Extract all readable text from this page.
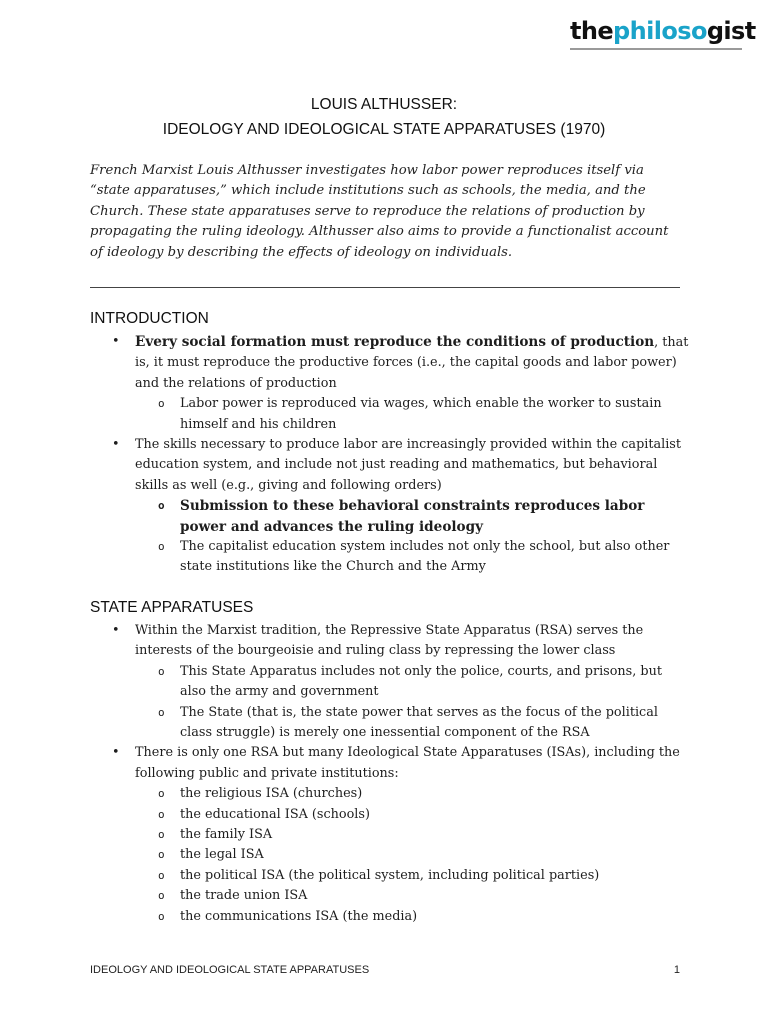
thephilosogist
LOUIS ALTHUSSER:
IDEOLOGY AND IDEOLOGICAL STATE APPARATUSES (1970)
French Marxist Louis Althusser investigates how labor power reproduces itself via “state apparatuses,” which include institutions such as schools, the media, and the Church. These state apparatuses serve to reproduce the relations of production by propagating the ruling ideology. Althusser also aims to provide a functionalist account of ideology by describing the effects of ideology on individuals.
INTRODUCTION
• Every social formation must reproduce the conditions of production, that is, it must reproduce the productive forces (i.e., the capital goods and labor power) and the relations of production
o Labor power is reproduced via wages, which enable the worker to sustain himself and his children
• The skills necessary to produce labor are increasingly provided within the capitalist education system, and include not just reading and mathematics, but behavioral skills as well (e.g., giving and following orders)
o Submission to these behavioral constraints reproduces labor power and advances the ruling ideology
o The capitalist education system includes not only the school, but also other state institutions like the Church and the Army
STATE APPARATUSES
• Within the Marxist tradition, the Repressive State Apparatus (RSA) serves the interests of the bourgeoisie and ruling class by repressing the lower class
o This State Apparatus includes not only the police, courts, and prisons, but also the army and government
o The State (that is, the state power that serves as the focus of the political class struggle) is merely one inessential component of the RSA
• There is only one RSA but many Ideological State Apparatuses (ISAs), including the following public and private institutions:
o the religious ISA (churches)
o the educational ISA (schools)
o the family ISA
o the legal ISA
o the political ISA (the political system, including political parties)
o the trade union ISA
o the communications ISA (the media)
IDEOLOGY AND IDEOLOGICAL STATE APPARATUSES	1
